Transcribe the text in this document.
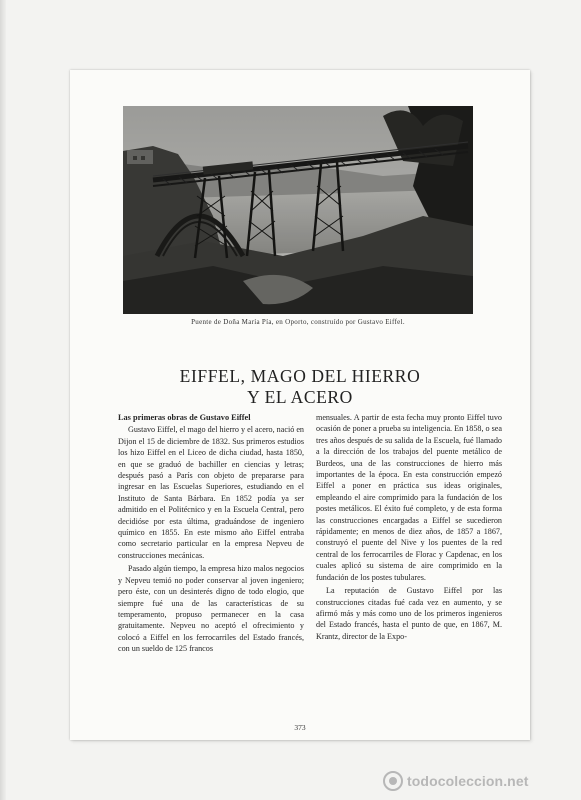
Puente de Doña María Pía, en Oporto, construído por Gustavo Eiffel.
EIFFEL, MAGO DEL HIERRO
Y EL ACERO
Las primeras obras de Gustavo Eiffel

Gustavo Eiffel, el mago del hierro y el acero, nació en Dijon el 15 de diciembre de 1832. Sus primeros estudios los hizo Eiffel en el Liceo de dicha ciudad, hasta 1850, en que se graduó de bachiller en ciencias y letras; después pasó a París con objeto de prepararse para ingresar en las Escuelas Superiores, estudiando en el Instituto de Santa Bárbara. En 1852 podía ya ser admitido en el Politécnico y en la Escuela Central, pero decidióse por esta última, graduándose de ingeniero químico en 1855. En este mismo año Eiffel entraba como secretario particular en la empresa Nepveu de construcciones mecánicas.

Pasado algún tiempo, la empresa hizo malos negocios y Nepveu temió no poder conservar al joven ingeniero; pero éste, con un desinterés digno de todo elogio, que siempre fué una de las características de su temperamento, propuso permanecer en la casa gratuitamente. Nepveu no aceptó el ofrecimiento y colocó a Eiffel en los ferrocarriles del Estado francés, con un sueldo de 125 francos

mensuales. A partir de esta fecha muy pronto Eiffel tuvo ocasión de poner a prueba su inteligencia. En 1858, o sea tres años después de su salida de la Escuela, fué llamado a la dirección de los trabajos del puente metálico de Burdeos, una de las construcciones de hierro más importantes de la época. En esta construcción empezó Eiffel a poner en práctica sus ideas originales, empleando el aire comprimido para la fundación de los postes metálicos. El éxito fué completo, y de esta forma las construcciones encargadas a Eiffel se sucedieron rápidamente; en menos de diez años, de 1857 a 1867, construyó el puente del Nive y los puentes de la red central de los ferrocarriles de Florac y Capdenac, en los cuales aplicó su sistema de aire comprimido en la fundación de los postes tubulares.

La reputación de Gustavo Eiffel por las construcciones citadas fué cada vez en aumento, y se afirmó más y más como uno de los primeros ingenieros del Estado francés, hasta el punto de que, en 1867, M. Krantz, director de la Expo-

373
todocoleccion.net
